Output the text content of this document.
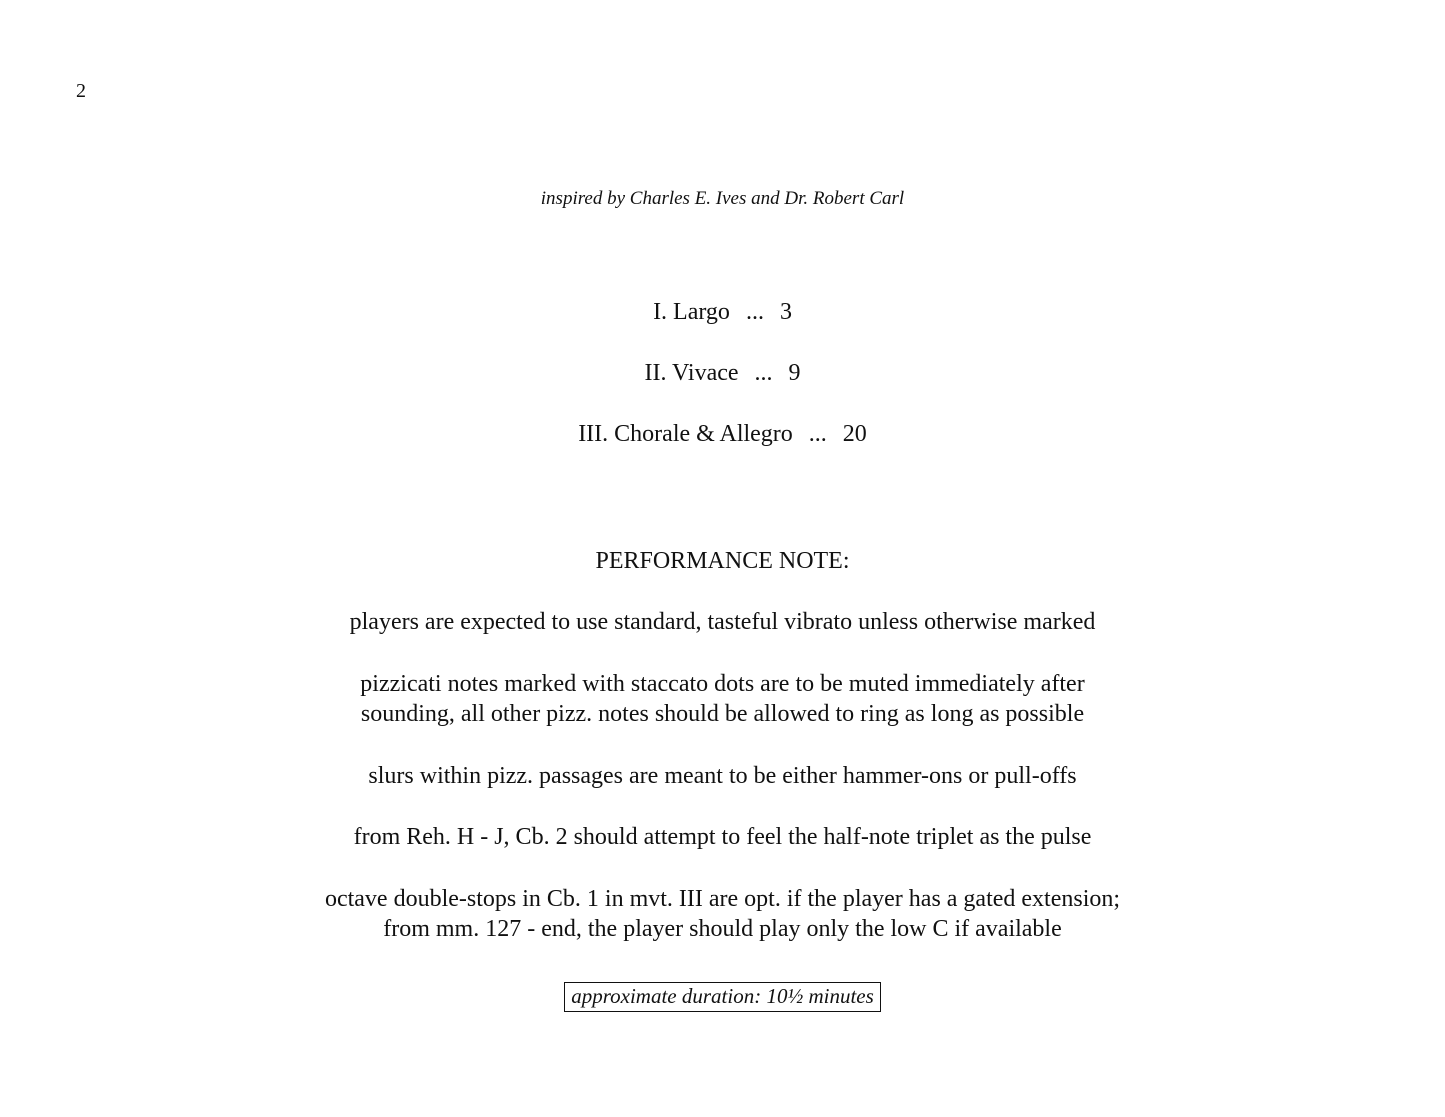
2
inspired by Charles E. Ives and Dr. Robert Carl
I. Largo ... 3
II. Vivace ... 9
III. Chorale & Allegro ... 20
PERFORMANCE NOTE:
players are expected to use standard, tasteful vibrato unless otherwise marked
pizzicati notes marked with staccato dots are to be muted immediately after
sounding, all other pizz. notes should be allowed to ring as long as possible
slurs within pizz. passages are meant to be either hammer-ons or pull-offs
from Reh. H - J, Cb. 2 should attempt to feel the half-note triplet as the pulse
octave double-stops in Cb. 1 in mvt. III are opt. if the player has a gated extension;
from mm. 127 - end, the player should play only the low C if available
approximate duration: 10½ minutes
